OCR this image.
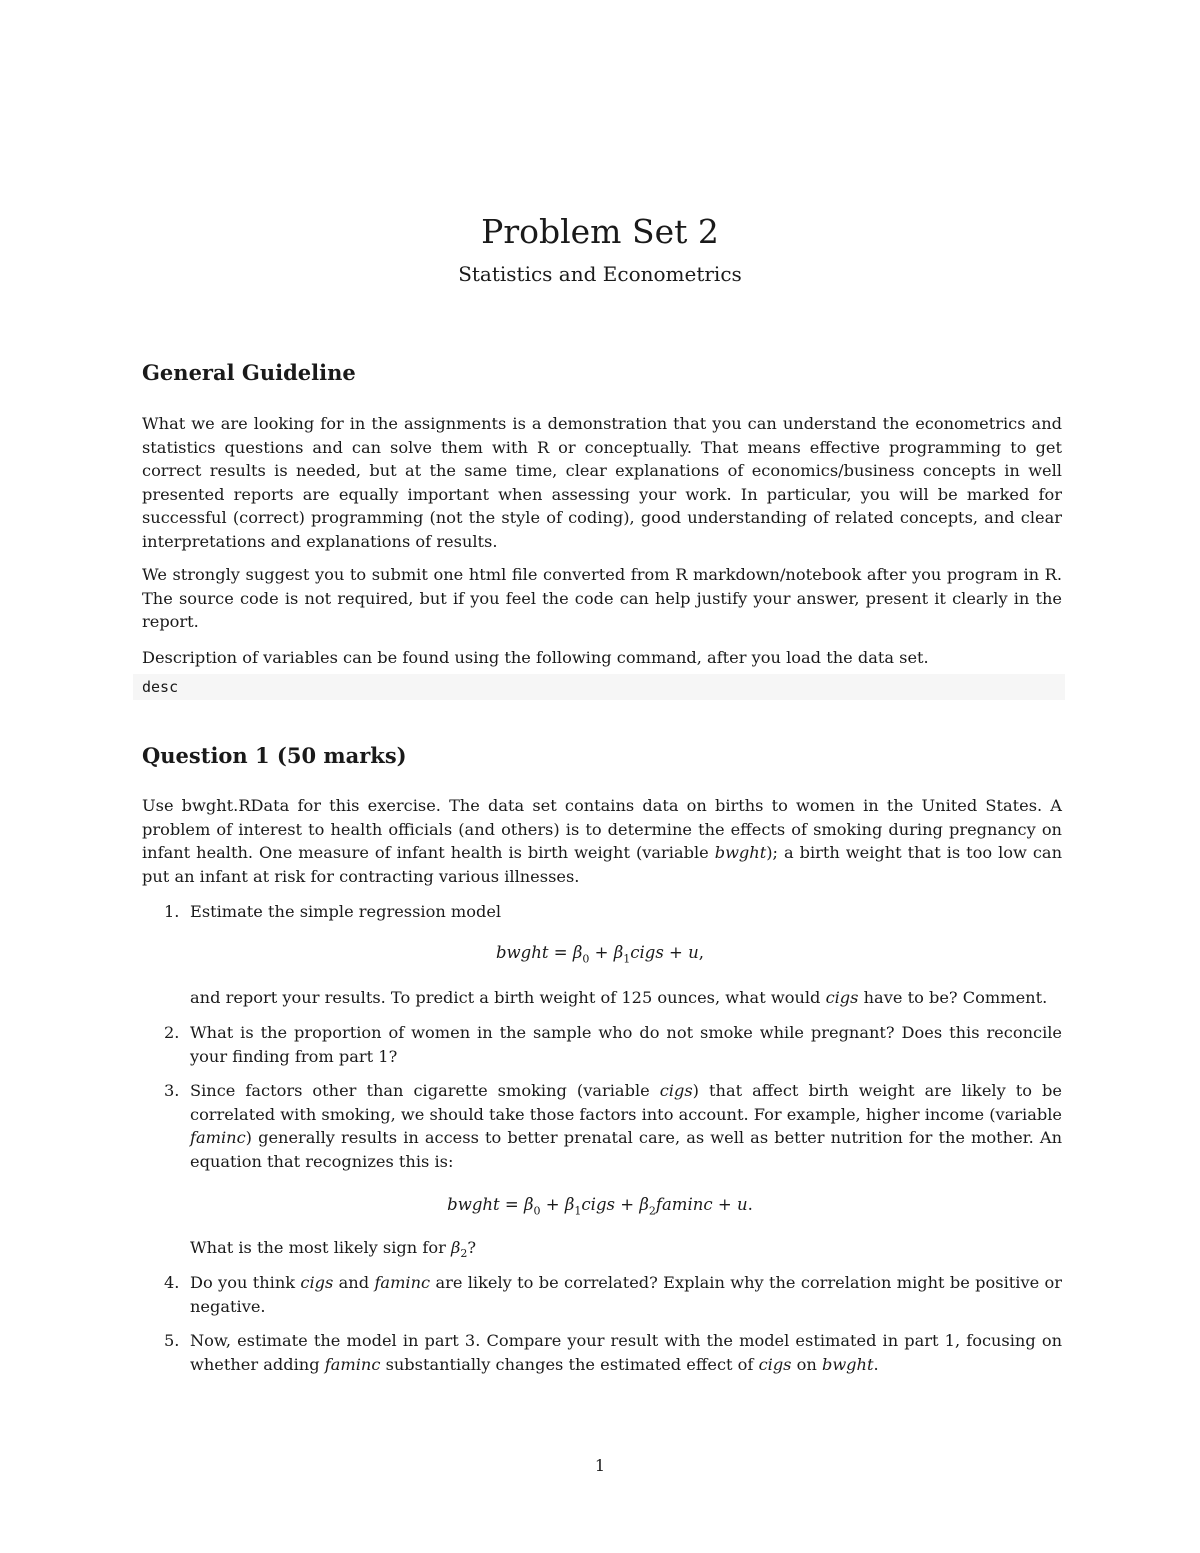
Problem Set 2
Statistics and Econometrics
General Guideline

What we are looking for in the assignments is a demonstration that you can understand the econometrics and statistics questions and can solve them with R or conceptually. That means effective programming to get correct results is needed, but at the same time, clear explanations of economics/business concepts in well presented reports are equally important when assessing your work. In particular, you will be marked for successful (correct) programming (not the style of coding), good understanding of related concepts, and clear interpretations and explanations of results.

We strongly suggest you to submit one html file converted from R markdown/notebook after you program in R. The source code is not required, but if you feel the code can help justify your answer, present it clearly in the report.

Description of variables can be found using the following command, after you load the data set.

desc
Question 1 (50 marks)

Use bwght.RData for this exercise. The data set contains data on births to women in the United States. A problem of interest to health officials (and others) is to determine the effects of smoking during pregnancy on infant health. One measure of infant health is birth weight (variable bwght); a birth weight that is too low can put an infant at risk for contracting various illnesses.

1. Estimate the simple regression model
bwght = $\beta_0$ + $\beta_1cigs + u$,
and report your results. To predict a birth weight of 125 ounces, what would cigs have to be? Comment.
2. What is the proportion of women in the sample who do not smoke while pregnant? Does this reconcile your finding from part 1?
3. Since factors other than cigarette smoking (variable cigs) that affect birth weight are likely to be correlated with smoking, we should take those factors into account. For example, higher income (variable faminc) generally results in access to better prenatal care, as well as better nutrition for the mother. An equation that recognizes this is:
bwght = $\beta_0$ + $\beta_1cigs + \beta_2faminc + u$.
What is the most likely sign for $\beta_2$?
4. Do you think cigs and faminc are likely to be correlated? Explain why the correlation might be positive or negative.
5. Now, estimate the model in part 3. Compare your result with the model estimated in part 1, focusing on whether adding faminc substantially changes the estimated effect of cigs on bwght.
1
